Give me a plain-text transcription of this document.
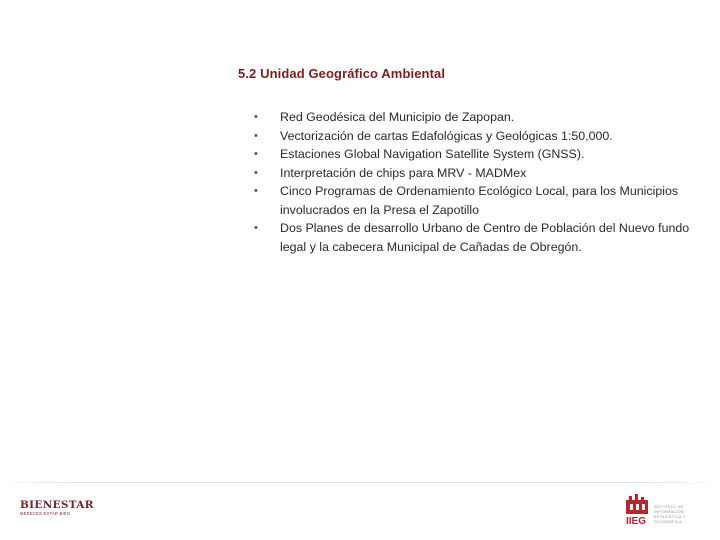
5.2 Unidad Geográfico Ambiental
• Red Geodésica del Municipio de Zapopan.
• Vectorización de cartas Edafológicas y Geológicas 1:50,000.
• Estaciones Global Navigation Satellite System (GNSS).
• Interpretación de chips para MRV - MADMex
• Cinco Programas de Ordenamiento Ecológico Local, para los Municipios involucrados en la Presa el Zapotillo
• Dos Planes de desarrollo Urbano de Centro de Población del Nuevo fundo legal y la cabecera Municipal de Cañadas de Obregón.
BIENESTAR
MERECES ESTAR BIEN
IIEG
INSTITUTO DE
INFORMACIÓN
ESTADÍSTICA Y
GEOGRÁFICA
